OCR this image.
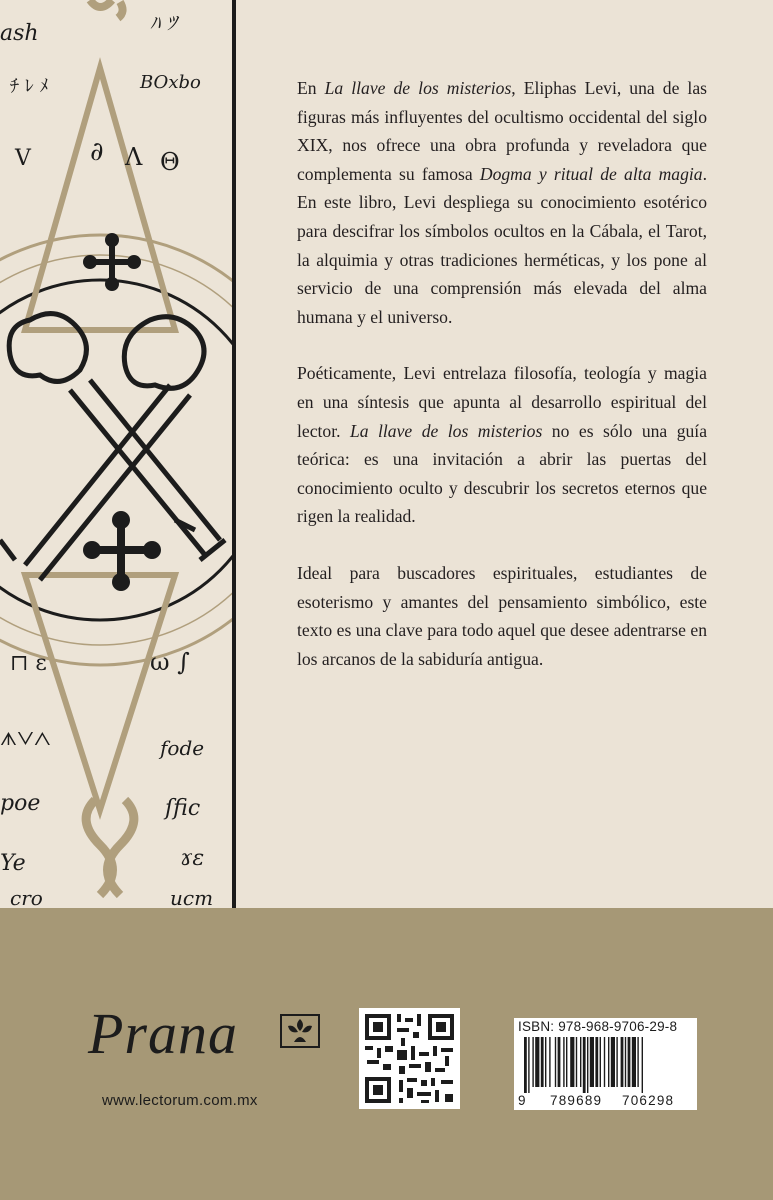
ash	ﾊ ﾂ
ﾁ ﾚ ﾒ	BOxbo
V ∂ Λ Θ
⊓ ε	ω ∫
ᗑᐯᐱ	fode
poe	ſfic
Ye	ɤɛ
cro	ucm

En La llave de los misterios, Eliphas Levi, una de las figuras más influyentes del ocultismo occidental del siglo XIX, nos ofrece una obra profunda y reveladora que complementa su famosa Dogma y ritual de alta magia. En este libro, Levi despliega su conocimiento esotérico para descifrar los símbolos ocultos en la Cábala, el Tarot, la alquimia y otras tradiciones herméticas, y los pone al servicio de una comprensión más elevada del alma humana y el universo.

Poéticamente, Levi entrelaza filosofía, teología y magia en una síntesis que apunta al desarrollo espiritual del lector. La llave de los misterios no es sólo una guía teórica: es una invitación a abrir las puertas del conocimiento oculto y descubrir los secretos eternos que rigen la realidad.

Ideal para buscadores espirituales, estudiantes de esoterismo y amantes del pensamiento simbólico, este texto es una clave para todo aquel que desee adentrarse en los arcanos de la sabiduría antigua.

Prana
www.lectorum.com.mx
ISBN: 978-968-9706-29-8
9 789689 706298
